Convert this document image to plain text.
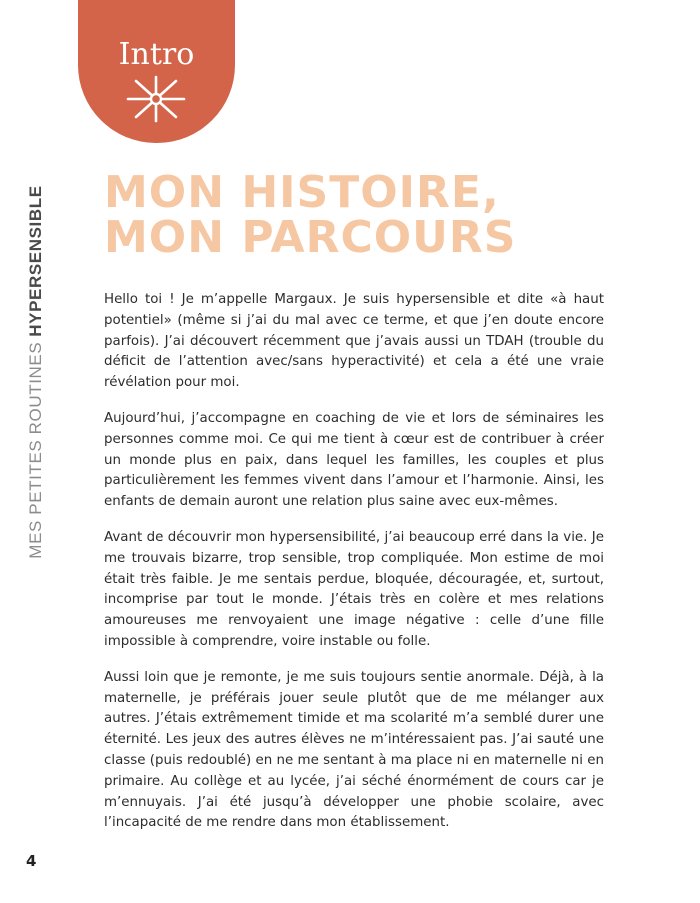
MES PETITES ROUTINESHYPERSENSIBLE
Intro
MON HISTOIRE,
MON PARCOURS

Hello toi ! Je m’appelle Margaux. Je suis hypersensible et dite «à haut potentiel» (même si j’ai du mal avec ce terme, et que j’en doute encore parfois). J’ai découvert récemment que j’avais aussi un TDAH (trouble du déficit de l’attention avec/sans hyperactivité) et cela a été une vraie révélation pour moi.

Aujourd’hui, j’accompagne en coaching de vie et lors de séminaires les personnes comme moi. Ce qui me tient à cœur est de contribuer à créer un monde plus en paix, dans lequel les familles, les couples et plus particulièrement les femmes vivent dans l’amour et l’harmonie. Ainsi, les enfants de demain auront une relation plus saine avec eux-mêmes.

Avant de découvrir mon hypersensibilité, j’ai beaucoup erré dans la vie. Je me trouvais bizarre, trop sensible, trop compliquée. Mon estime de moi était très faible. Je me sentais perdue, bloquée, découragée, et, surtout, incomprise par tout le monde. J’étais très en colère et mes relations amoureuses me renvoyaient une image négative : celle d’une fille impossible à comprendre, voire instable ou folle.

Aussi loin que je remonte, je me suis toujours sentie anormale. Déjà, à la maternelle, je préférais jouer seule plutôt que de me mélanger aux autres. J’étais extrêmement timide et ma scolarité m’a semblé durer une éternité. Les jeux des autres élèves ne m’intéressaient pas. J’ai sauté une classe (puis redoublé) en ne me sentant à ma place ni en maternelle ni en primaire. Au collège et au lycée, j’ai séché énormément de cours car je m’ennuyais. J’ai été jusqu’à développer une phobie scolaire, avec l’incapacité de me rendre dans mon établissement.

4
